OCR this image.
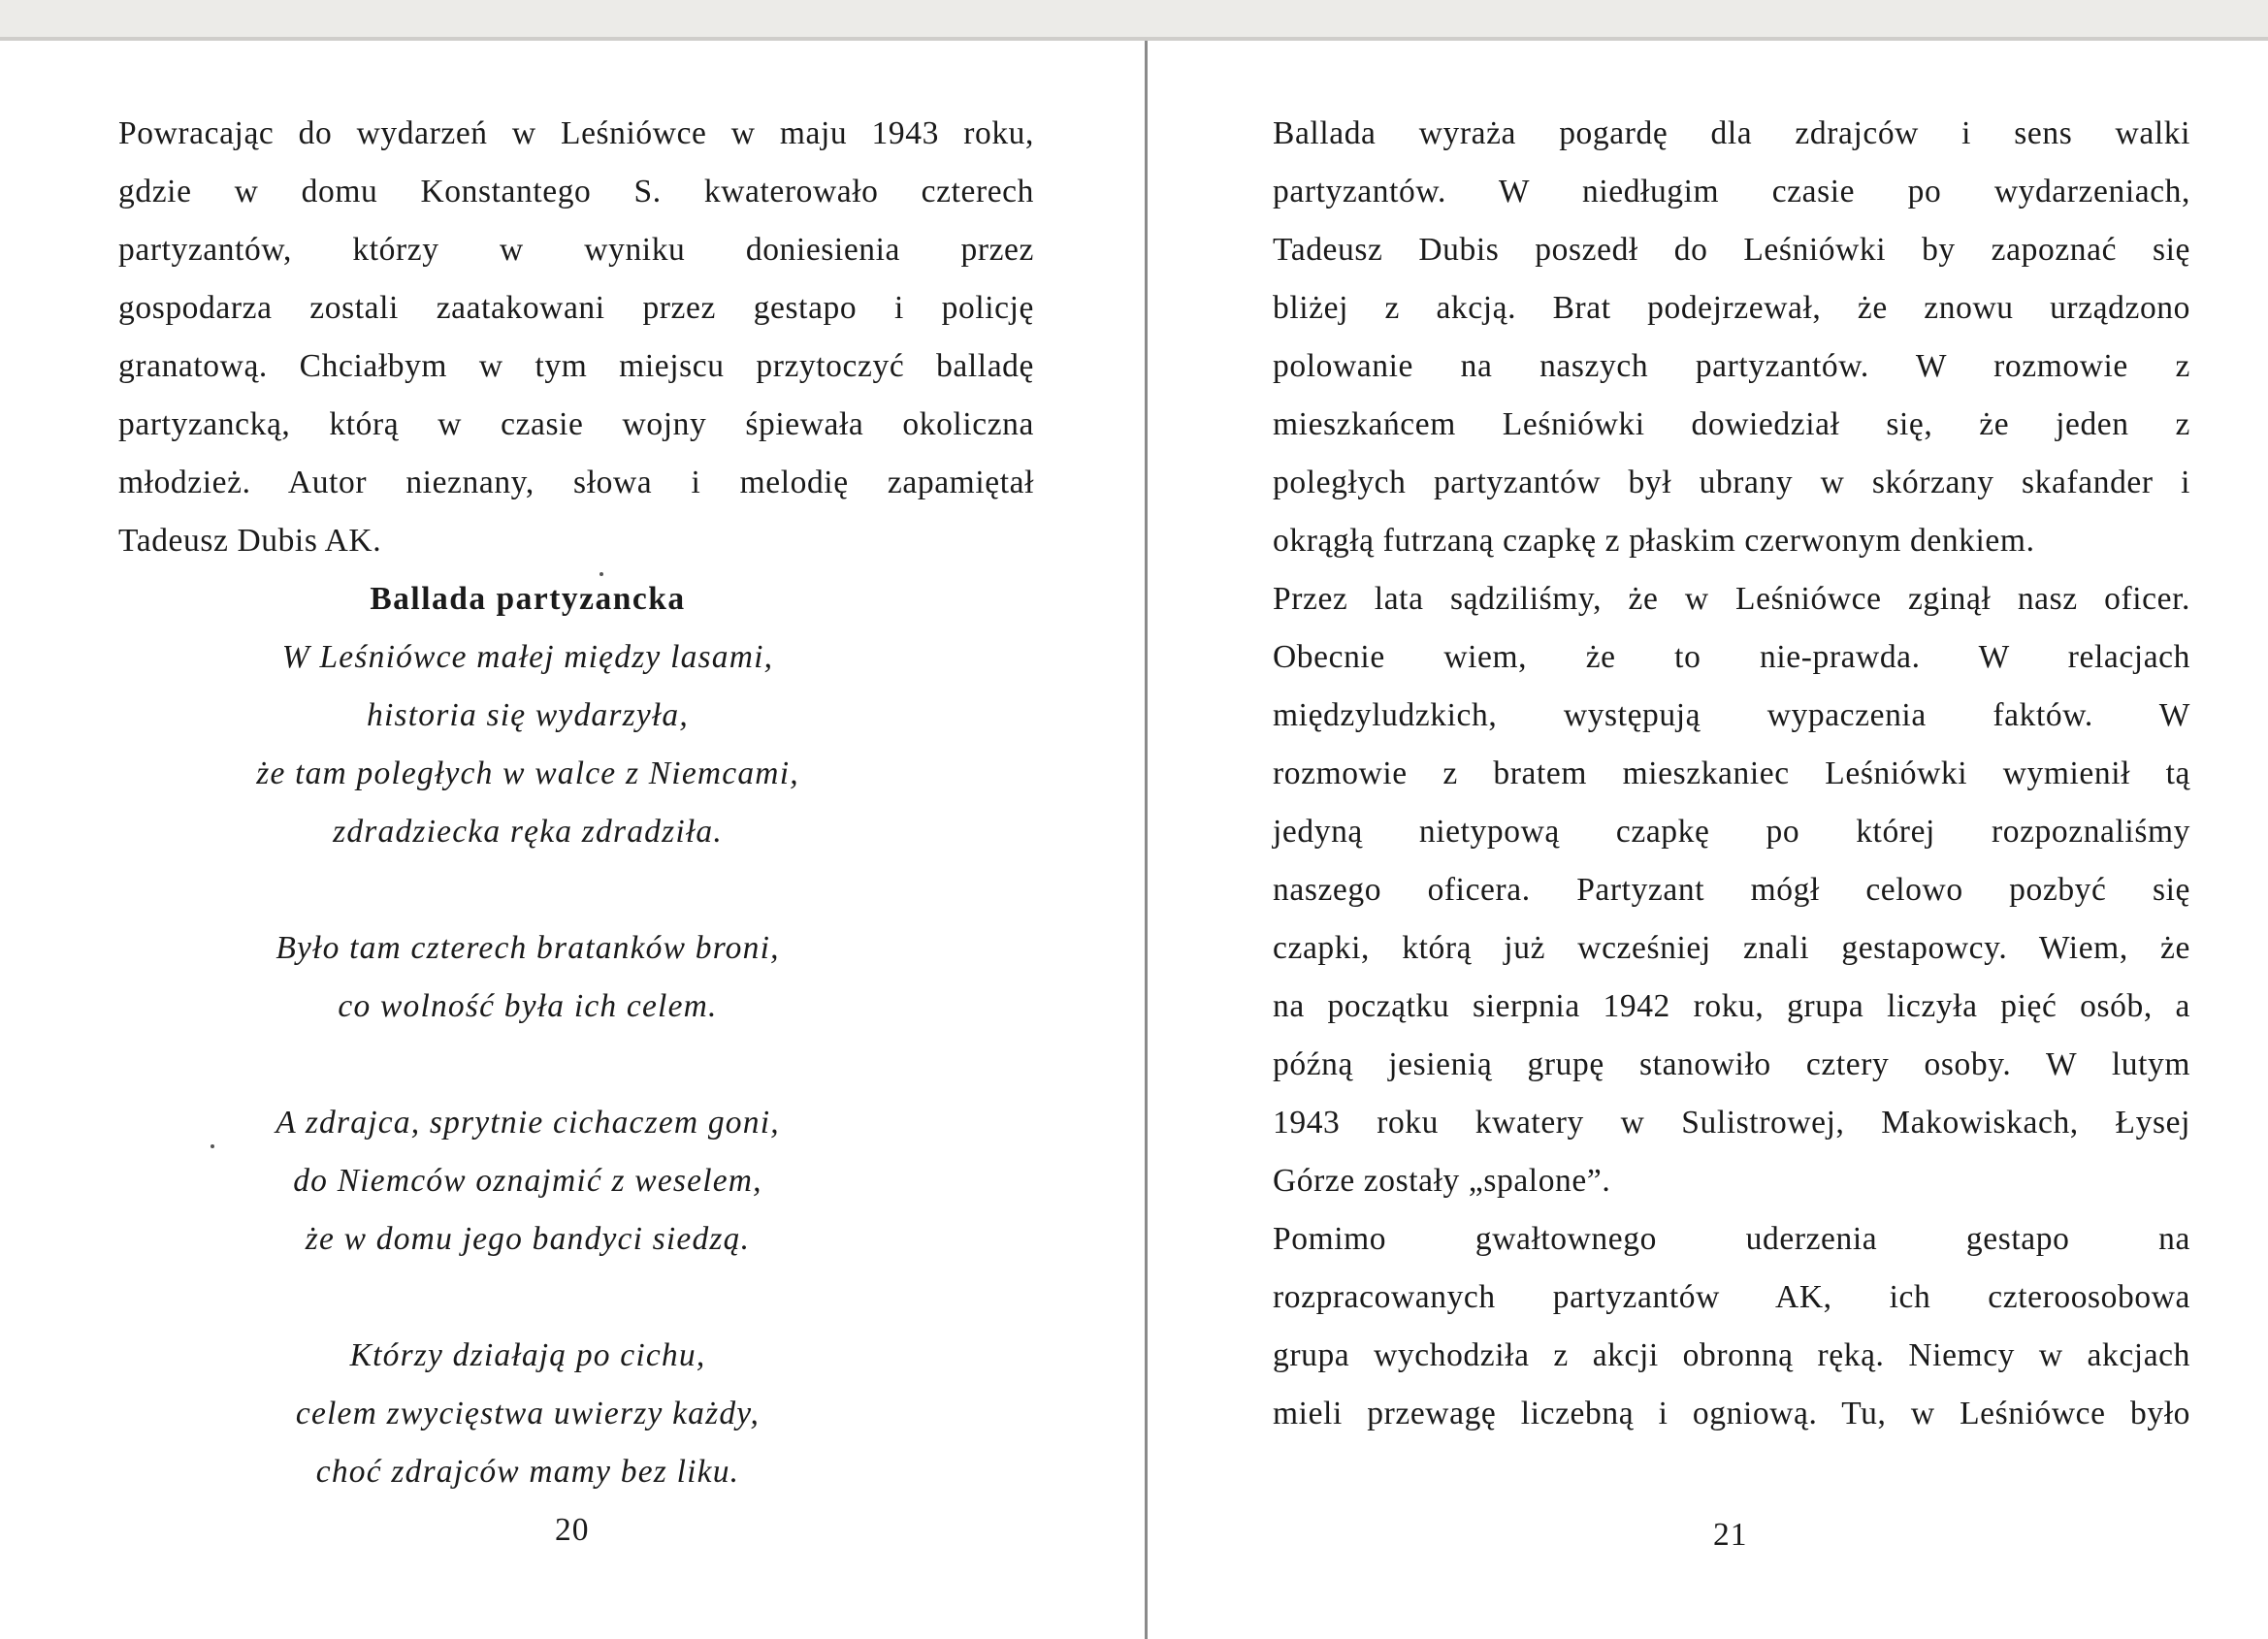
Powracając do wydarzeń w Leśniówce w maju 1943 roku,
gdzie w domu Konstantego S. kwaterowało czterech
partyzantów, którzy w wyniku doniesienia przez
gospodarza zostali zaatakowani przez gestapo i policję
granatową. Chciałbym w tym miejscu przytoczyć balladę
partyzancką, którą w czasie wojny śpiewała okoliczna
młodzież. Autor nieznany, słowa i melodię zapamiętał
Tadeusz Dubis AK.
Ballada partyzancka
W Leśniówce małej między lasami,
historia się wydarzyła,
że tam poległych w walce z Niemcami,
zdradziecka ręka zdradziła.
Było tam czterech bratanków broni,
co wolność była ich celem.
A zdrajca, sprytnie cichaczem goni,
do Niemców oznajmić z weselem,
że w domu jego bandyci siedzą.
Którzy działają po cichu,
celem zwycięstwa uwierzy każdy,
choć zdrajców mamy bez liku.
20
Ballada wyraża pogardę dla zdrajców i sens walki
partyzantów. W niedługim czasie po wydarzeniach,
Tadeusz Dubis poszedł do Leśniówki by zapoznać się
bliżej z akcją. Brat podejrzewał, że znowu urządzono
polowanie na naszych partyzantów. W rozmowie z
mieszkańcem Leśniówki dowiedział się, że jeden z
poległych partyzantów był ubrany w skórzany skafander i
okrągłą futrzaną czapkę z płaskim czerwonym denkiem.
Przez lata sądziliśmy, że w Leśniówce zginął nasz oficer.
Obecnie wiem, że to nie-prawda. W relacjach
międzyludzkich, występują wypaczenia faktów. W
rozmowie z bratem mieszkaniec Leśniówki wymienił tą
jedyną nietypową czapkę po której rozpoznaliśmy
naszego oficera. Partyzant mógł celowo pozbyć się
czapki, którą już wcześniej znali gestapowcy. Wiem, że
na początku sierpnia 1942 roku, grupa liczyła pięć osób, a
późną jesienią grupę stanowiło cztery osoby. W lutym
1943 roku kwatery w Sulistrowej, Makowiskach, Łysej
Górze zostały „spalone”.
Pomimo gwałtownego uderzenia gestapo na
rozpracowanych partyzantów AK, ich czteroosobowa
grupa wychodziła z akcji obronną ręką. Niemcy w akcjach
mieli przewagę liczebną i ogniową. Tu, w Leśniówce było
21
